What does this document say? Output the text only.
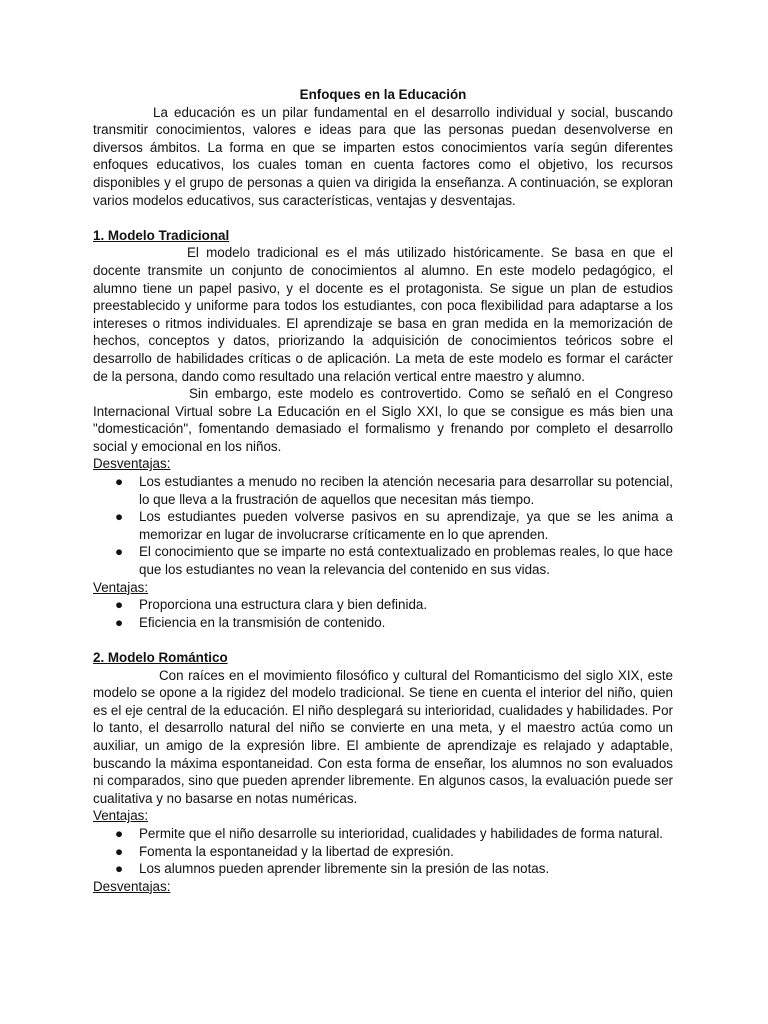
Enfoques en la Educación

La educación es un pilar fundamental en el desarrollo individual y social, buscando transmitir conocimientos, valores e ideas para que las personas puedan desenvolverse en diversos ámbitos. La forma en que se imparten estos conocimientos varía según diferentes enfoques educativos, los cuales toman en cuenta factores como el objetivo, los recursos disponibles y el grupo de personas a quien va dirigida la enseñanza. A continuación, se exploran varios modelos educativos, sus características, ventajas y desventajas.

1. Modelo Tradicional

El modelo tradicional es el más utilizado históricamente. Se basa en que el docente transmite un conjunto de conocimientos al alumno. En este modelo pedagógico, el alumno tiene un papel pasivo, y el docente es el protagonista. Se sigue un plan de estudios preestablecido y uniforme para todos los estudiantes, con poca flexibilidad para adaptarse a los intereses o ritmos individuales. El aprendizaje se basa en gran medida en la memorización de hechos, conceptos y datos, priorizando la adquisición de conocimientos teóricos sobre el desarrollo de habilidades críticas o de aplicación. La meta de este modelo es formar el carácter de la persona, dando como resultado una relación vertical entre maestro y alumno.

Sin embargo, este modelo es controvertido. Como se señaló en el Congreso Internacional Virtual sobre La Educación en el Siglo XXI, lo que se consigue es más bien una "domesticación", fomentando demasiado el formalismo y frenando por completo el desarrollo social y emocional en los niños.

Desventajas:

● Los estudiantes a menudo no reciben la atención necesaria para desarrollar su potencial, lo que lleva a la frustración de aquellos que necesitan más tiempo.
● Los estudiantes pueden volverse pasivos en su aprendizaje, ya que se les anima a memorizar en lugar de involucrarse críticamente en lo que aprenden.
● El conocimiento que se imparte no está contextualizado en problemas reales, lo que hace que los estudiantes no vean la relevancia del contenido en sus vidas.

Ventajas:

● Proporciona una estructura clara y bien definida.
● Eficiencia en la transmisión de contenido.

2. Modelo Romántico

Con raíces en el movimiento filosófico y cultural del Romanticismo del siglo XIX, este modelo se opone a la rigidez del modelo tradicional. Se tiene en cuenta el interior del niño, quien es el eje central de la educación. El niño desplegará su interioridad, cualidades y habilidades. Por lo tanto, el desarrollo natural del niño se convierte en una meta, y el maestro actúa como un auxiliar, un amigo de la expresión libre. El ambiente de aprendizaje es relajado y adaptable, buscando la máxima espontaneidad. Con esta forma de enseñar, los alumnos no son evaluados ni comparados, sino que pueden aprender libremente. En algunos casos, la evaluación puede ser cualitativa y no basarse en notas numéricas.

Ventajas:

● Permite que el niño desarrolle su interioridad, cualidades y habilidades de forma natural.
● Fomenta la espontaneidad y la libertad de expresión.
● Los alumnos pueden aprender libremente sin la presión de las notas.

Desventajas:
